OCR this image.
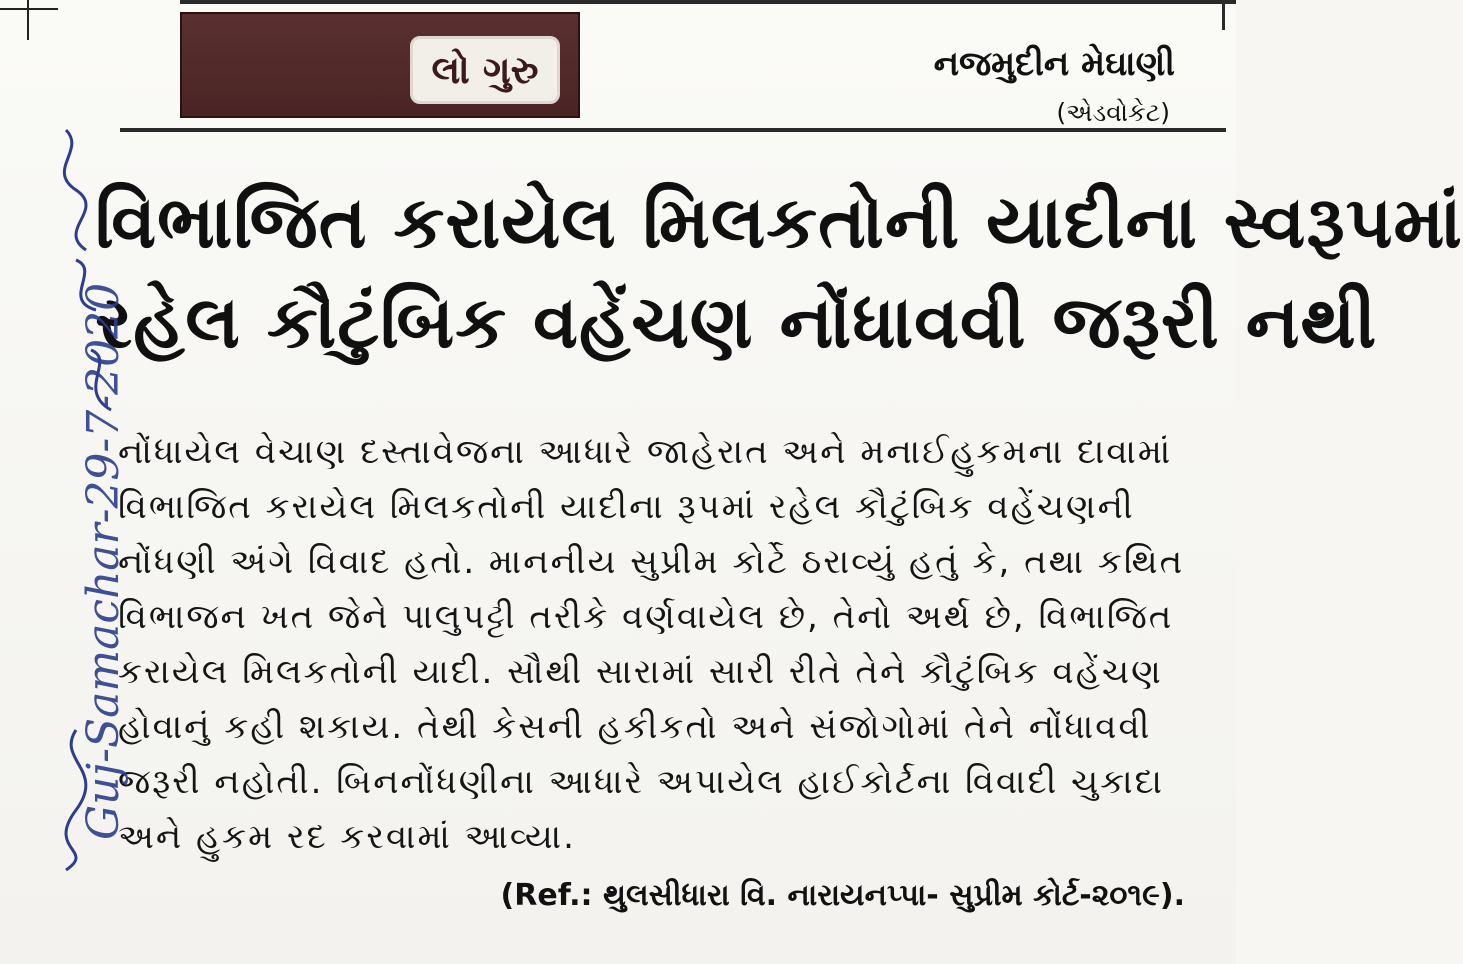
લો ગુરુ	નજમુદીન મેઘાણી
(એડવોકેટ)
વિભાજિત કરાયેલ મિલકતોની યાદીના સ્વરૂપમાં
રહેલ કૌટુંબિક વહેંચણ નોંધાવવી જરૂરી નથી
નોંધાયેલ વેચાણ દસ્તાવેજના આધારે જાહેરાત અને મનાઈહુકમના દાવામાં
વિભાજિત કરાયેલ મિલકતોની યાદીના રૂપમાં રહેલ કૌટુંબિક વહેંચણની
નોંધણી અંગે વિવાદ હતો. માનનીય સુપ્રીમ કોર્ટે ઠરાવ્યું હતું કે, તથા કથિત
વિભાજન ખત જેને પાલુપટ્ટી તરીકે વર્ણવાયેલ છે, તેનો અર્થ છે, વિભાજિત
કરાયેલ મિલકતોની યાદી. સૌથી સારામાં સારી રીતે તેને કૌટુંબિક વહેંચણ
હોવાનું કહી શકાય. તેથી કેસની હકીકતો અને સંજોગોમાં તેને નોંધાવવી
જરૂરી નહોતી. બિનનોંધણીના આધારે અપાયેલ હાઈકોર્ટના વિવાદી ચુકાદા
અને હુકમ રદ કરવામાં આવ્યા.
(Ref.: થુલસીધારા વિ. નારાયનપ્પા- સુપ્રીમ કોર્ટ-૨૦૧૯).
Guj-Samachar-29-7-2020
